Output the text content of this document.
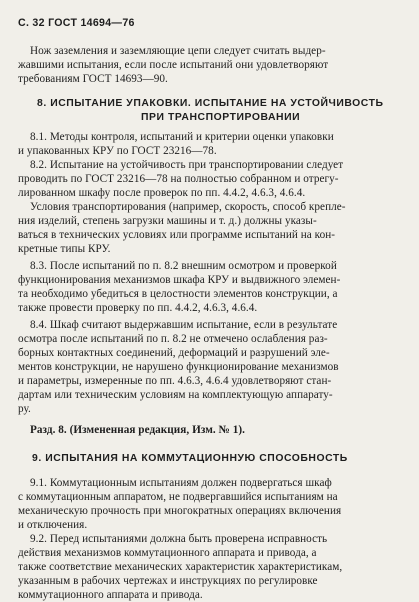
С. 32 ГОСТ 14694—76
Нож заземления и заземляющие цепи следует считать выдер-
жавшими испытания, если после испытаний они удовлетворяют
требованиям ГОСТ 14693—90.
8. ИСПЫТАНИЕ УПАКОВКИ. ИСПЫТАНИЕ НА УСТОЙЧИВОСТЬ
ПРИ ТРАНСПОРТИРОВАНИИ
8.1. Методы контроля, испытаний и критерии оценки упаковки
и упакованных КРУ по ГОСТ 23216—78.
8.2. Испытание на устойчивость при транспортировании следует
проводить по ГОСТ 23216—78 на полностью собранном и отрегу-
лированном шкафу после проверок по пп. 4.4.2, 4.6.3, 4.6.4.
Условия транспортирования (например, скорость, способ крепле-
ния изделий, степень загрузки машины и т. д.) должны указы-
ваться в технических условиях или программе испытаний на кон-
кретные типы КРУ.
8.3. После испытаний по п. 8.2 внешним осмотром и проверкой
функционирования механизмов шкафа КРУ и выдвижного элемен-
та необходимо убедиться в целостности элементов конструкции, а
также провести проверку по пп. 4.4.2, 4.6.3, 4.6.4.
8.4. Шкаф считают выдержавшим испытание, если в результате
осмотра после испытаний по п. 8.2 не отмечено ослабления раз-
борных контактных соединений, деформаций и разрушений эле-
ментов конструкции, не нарушено функционирование механизмов
и параметры, измеренные по пп. 4.6.3, 4.6.4 удовлетворяют стан-
дартам или техническим условиям на комплектующую аппарату-
ру.
Разд. 8. (Измененная редакция, Изм. № 1).
9. ИСПЫТАНИЯ НА КОММУТАЦИОННУЮ СПОСОБНОСТЬ
9.1. Коммутационным испытаниям должен подвергаться шкаф
с коммутационным аппаратом, не подвергавшийся испытаниям на
механическую прочность при многократных операциях включения
и отключения.
9.2. Перед испытаниями должна быть проверена исправность
действия механизмов коммутационного аппарата и привода, а
также соответствие механических характеристик характеристикам,
указанным в рабочих чертежах и инструкциях по регулировке
коммутационного аппарата и привода.
